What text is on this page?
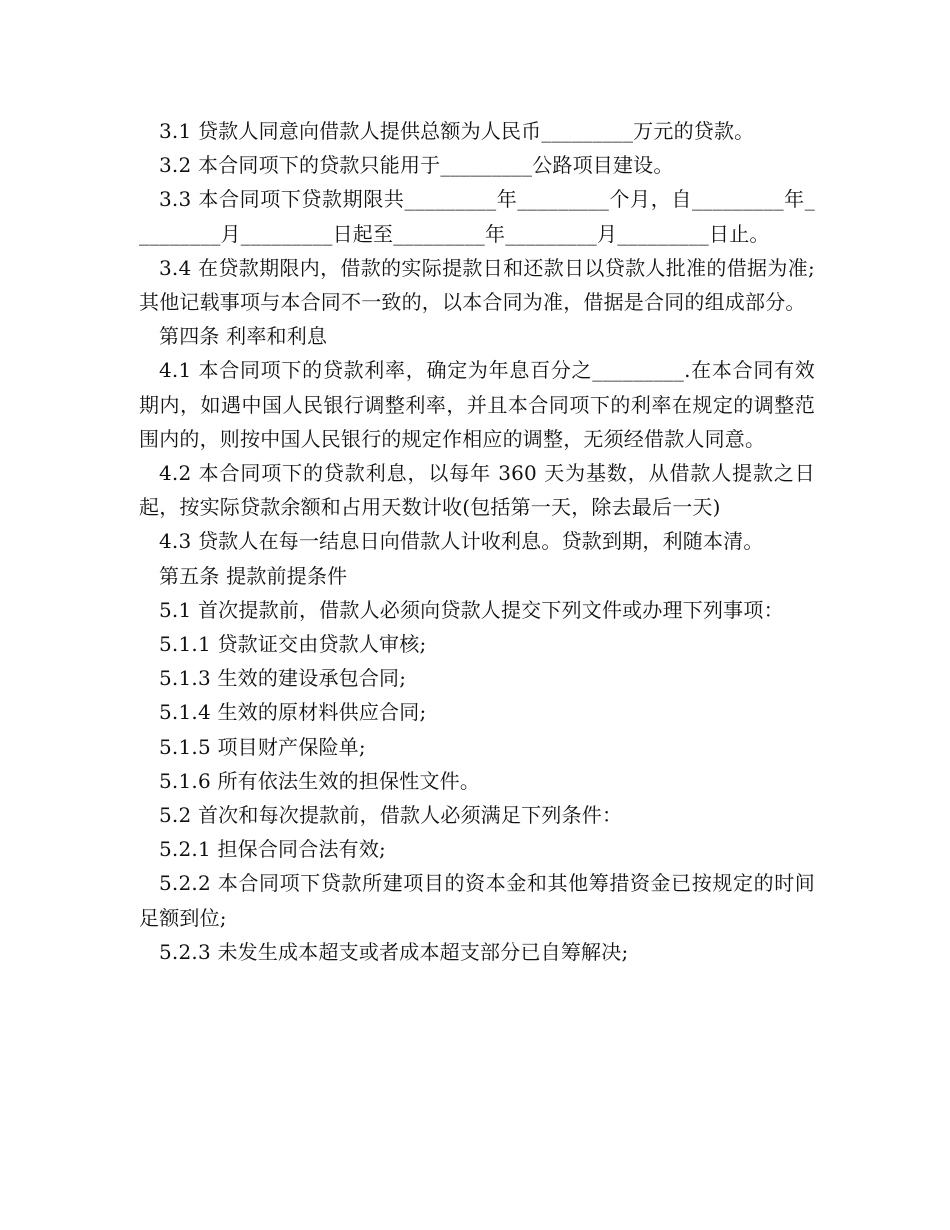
3.1 贷款人同意向借款人提供总额为人民币_________万元的贷款。

3.2 本合同项下的贷款只能用于_________公路项目建设。

3.3 本合同项下贷款期限共_________年_________个月，自_________年_________月_________日起至_________年_________月_________日止。

3.4 在贷款期限内，借款的实际提款日和还款日以贷款人批准的借据为准;其他记载事项与本合同不一致的，以本合同为准，借据是合同的组成部分。

第四条 利率和利息

4.1 本合同项下的贷款利率，确定为年息百分之_________.在本合同有效期内，如遇中国人民银行调整利率，并且本合同项下的利率在规定的调整范围内的，则按中国人民银行的规定作相应的调整，无须经借款人同意。

4.2 本合同项下的贷款利息，以每年 360 天为基数，从借款人提款之日起，按实际贷款余额和占用天数计收(包括第一天，除去最后一天)

4.3 贷款人在每一结息日向借款人计收利息。贷款到期，利随本清。

第五条 提款前提条件

5.1 首次提款前，借款人必须向贷款人提交下列文件或办理下列事项：

5.1.1 贷款证交由贷款人审核;

5.1.3 生效的建设承包合同;

5.1.4 生效的原材料供应合同;

5.1.5 项目财产保险单;

5.1.6 所有依法生效的担保性文件。

5.2 首次和每次提款前，借款人必须满足下列条件：

5.2.1 担保合同合法有效;

5.2.2 本合同项下贷款所建项目的资本金和其他筹措资金已按规定的时间足额到位;

5.2.3 未发生成本超支或者成本超支部分已自筹解决;
